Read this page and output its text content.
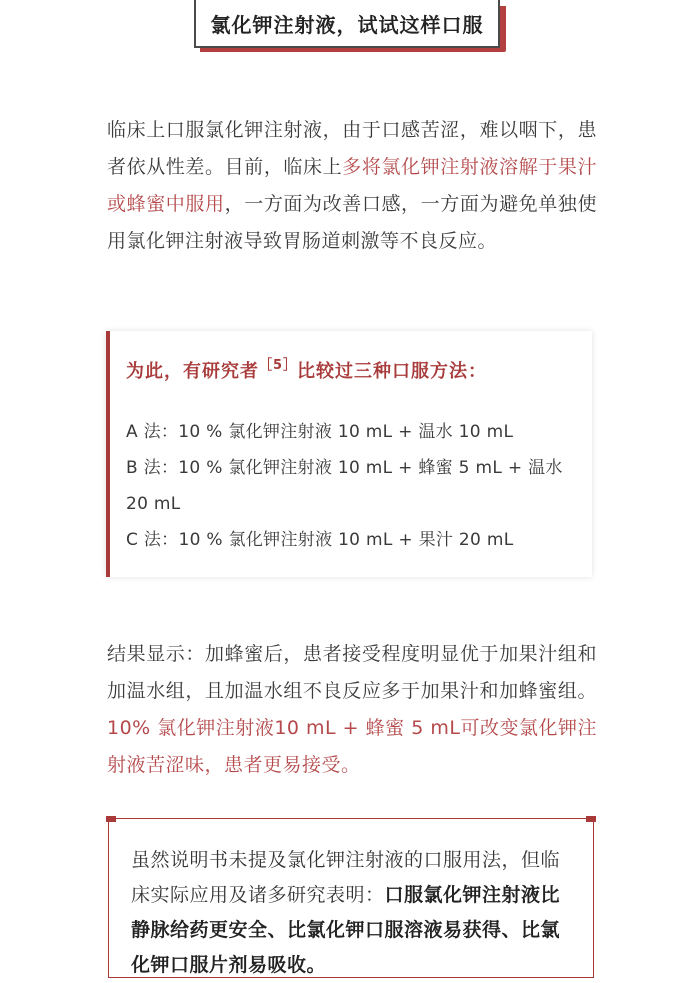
氯化钾注射液，试试这样口服

临床上口服氯化钾注射液，由于口感苦涩，难以咽下，患者依从性差。目前，临床上多将氯化钾注射液溶解于果汁或蜂蜜中服用，一方面为改善口感，一方面为避免单独使用氯化钾注射液导致胃肠道刺激等不良反应。

为此，有研究者$^{[5]}$比较过三种口服方法：

A 法：10 % 氯化钾注射液 10 mL + 温水 10 mL

B 法：10 % 氯化钾注射液 10 mL + 蜂蜜 5 mL + 温水 20 mL

C 法：10 % 氯化钾注射液 10 mL + 果汁 20 mL

结果显示：加蜂蜜后，患者接受程度明显优于加果汁组和加温水组，且加温水组不良反应多于加果汁和加蜂蜜组。10% 氯化钾注射液10 mL + 蜂蜜 5 mL可改变氯化钾注射液苦涩味，患者更易接受。

虽然说明书未提及氯化钾注射液的口服用法，但临床实际应用及诸多研究表明：口服氯化钾注射液比静脉给药更安全、比氯化钾口服溶液易获得、比氯化钾口服片剂易吸收。
